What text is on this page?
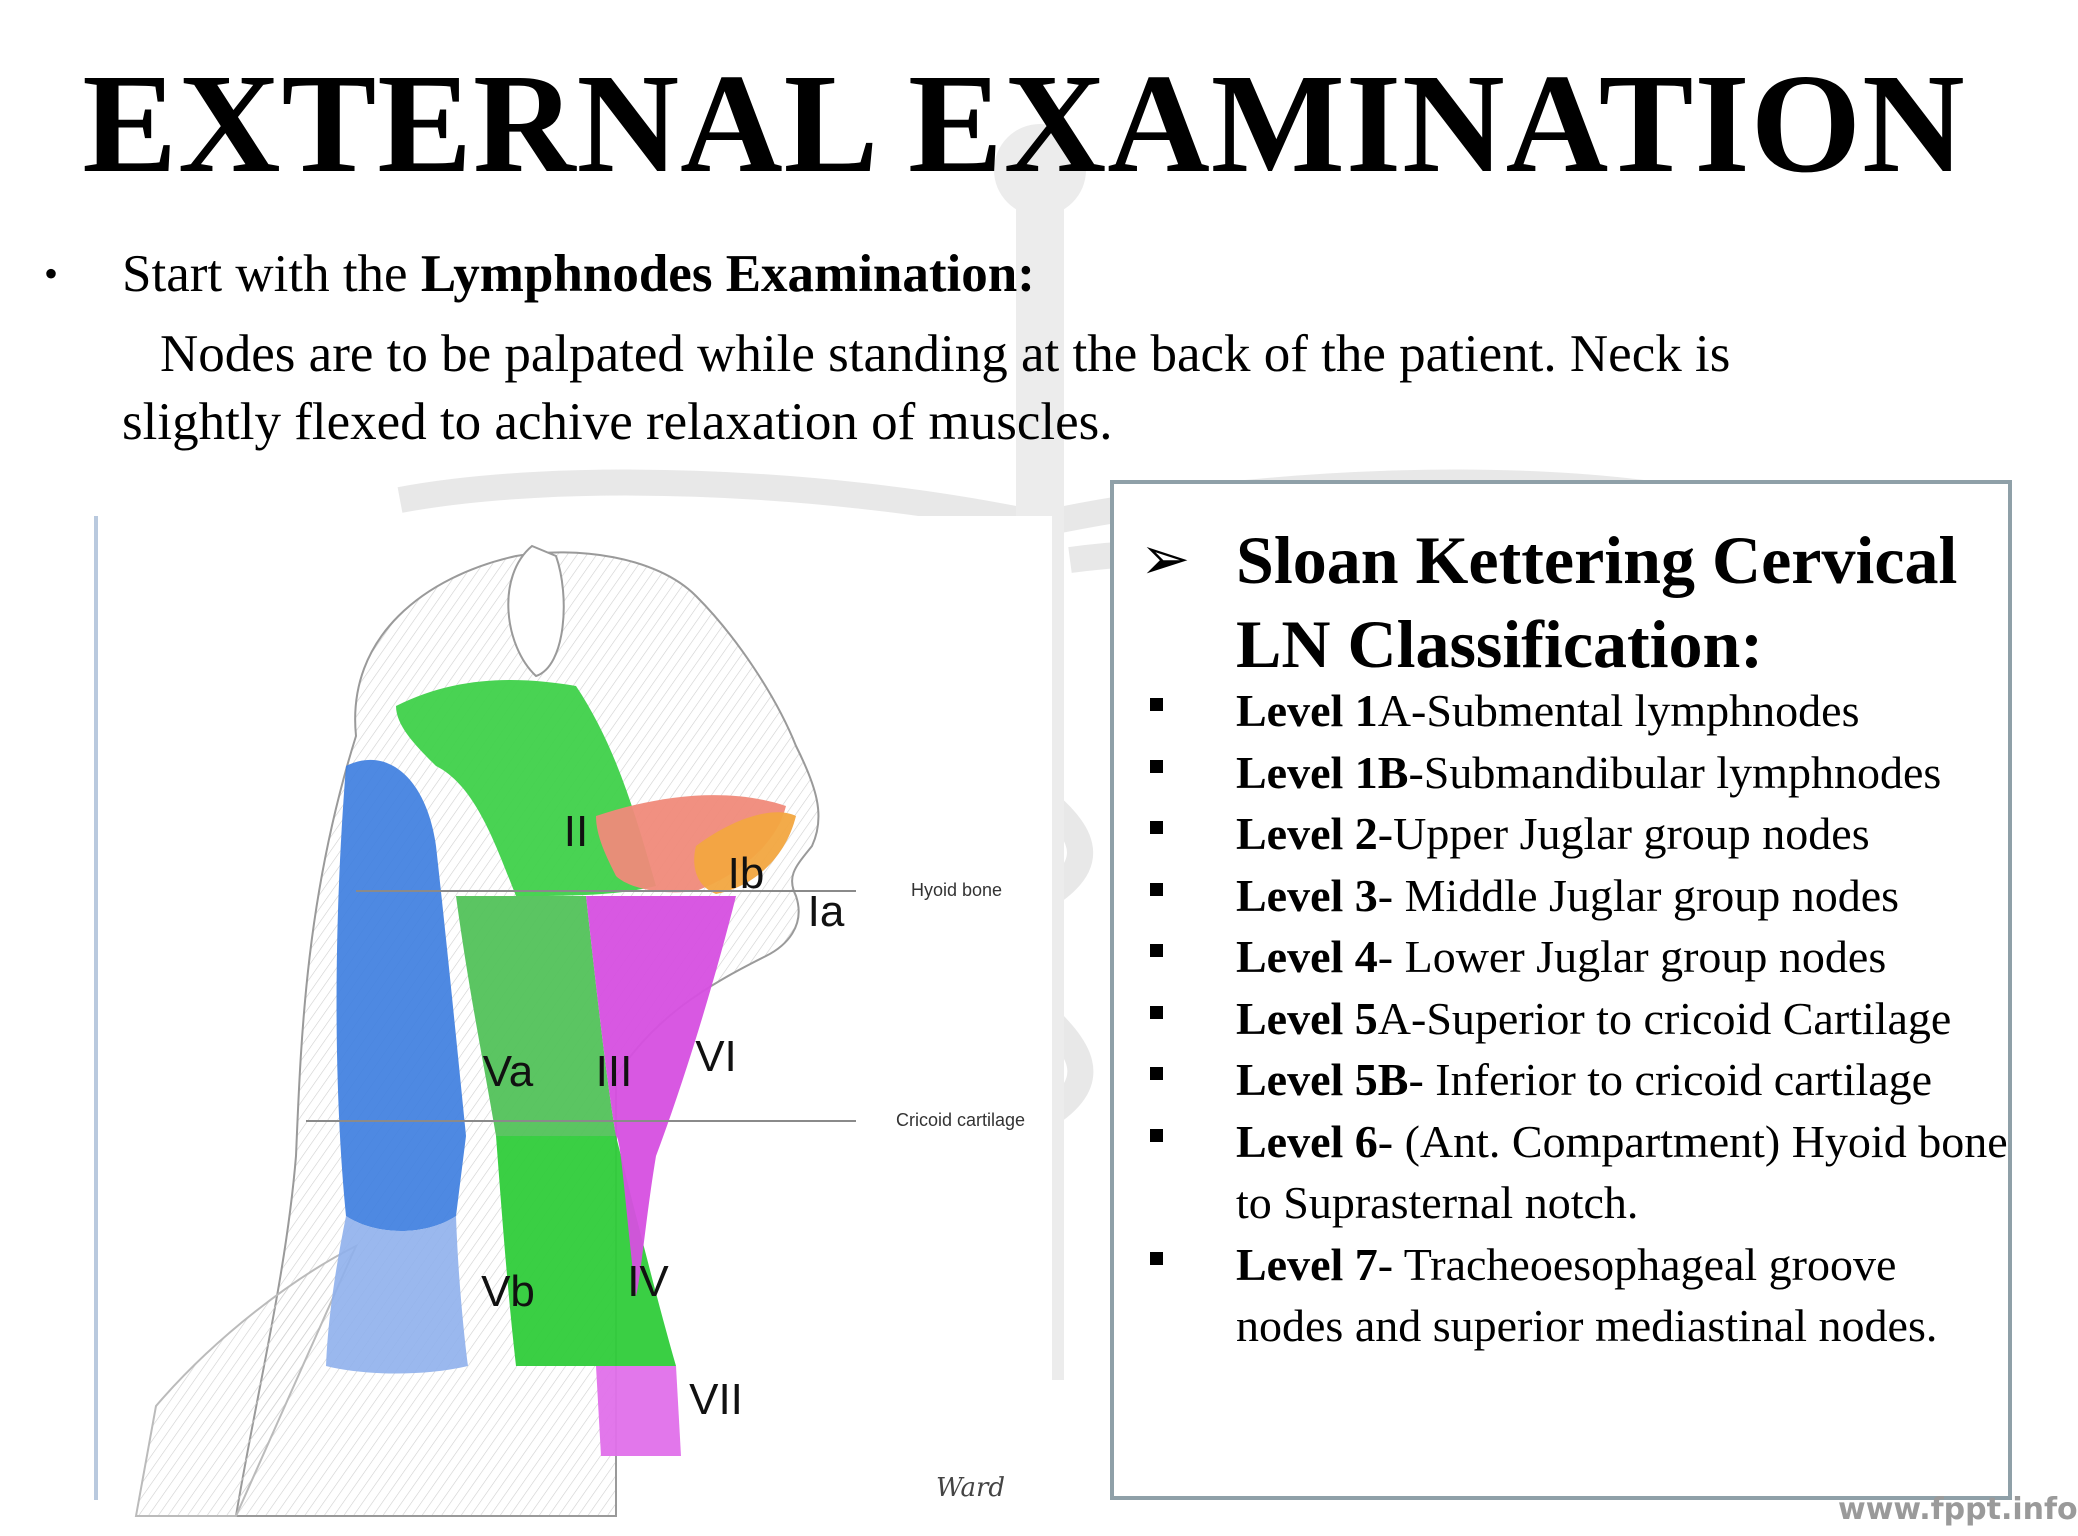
EXTERNAL EXAMINATION
• Start with the Lymphnodes Examination:
Nodes are to be palpated while standing at the back of the patient. Neck is slightly flexed to achive relaxation of muscles.
Hyoid bone
Cricoid cartilage
II
Ib
Ia
Va III VI
Vb IV
VII
Ward
➢ Sloan Kettering Cervical LN Classification:
Level 1A-Submental lymphnodes
Level 1B-Submandibular lymphnodes
Level 2-Upper Juglar group nodes
Level 3- Middle Juglar group nodes
Level 4- Lower Juglar group nodes
Level 5A-Superior to cricoid Cartilage
Level 5B- Inferior to cricoid cartilage
Level 6- (Ant. Compartment) Hyoid bone to Suprasternal notch.
Level 7- Tracheoesophageal groove nodes and superior mediastinal nodes.
www.fppt.info
